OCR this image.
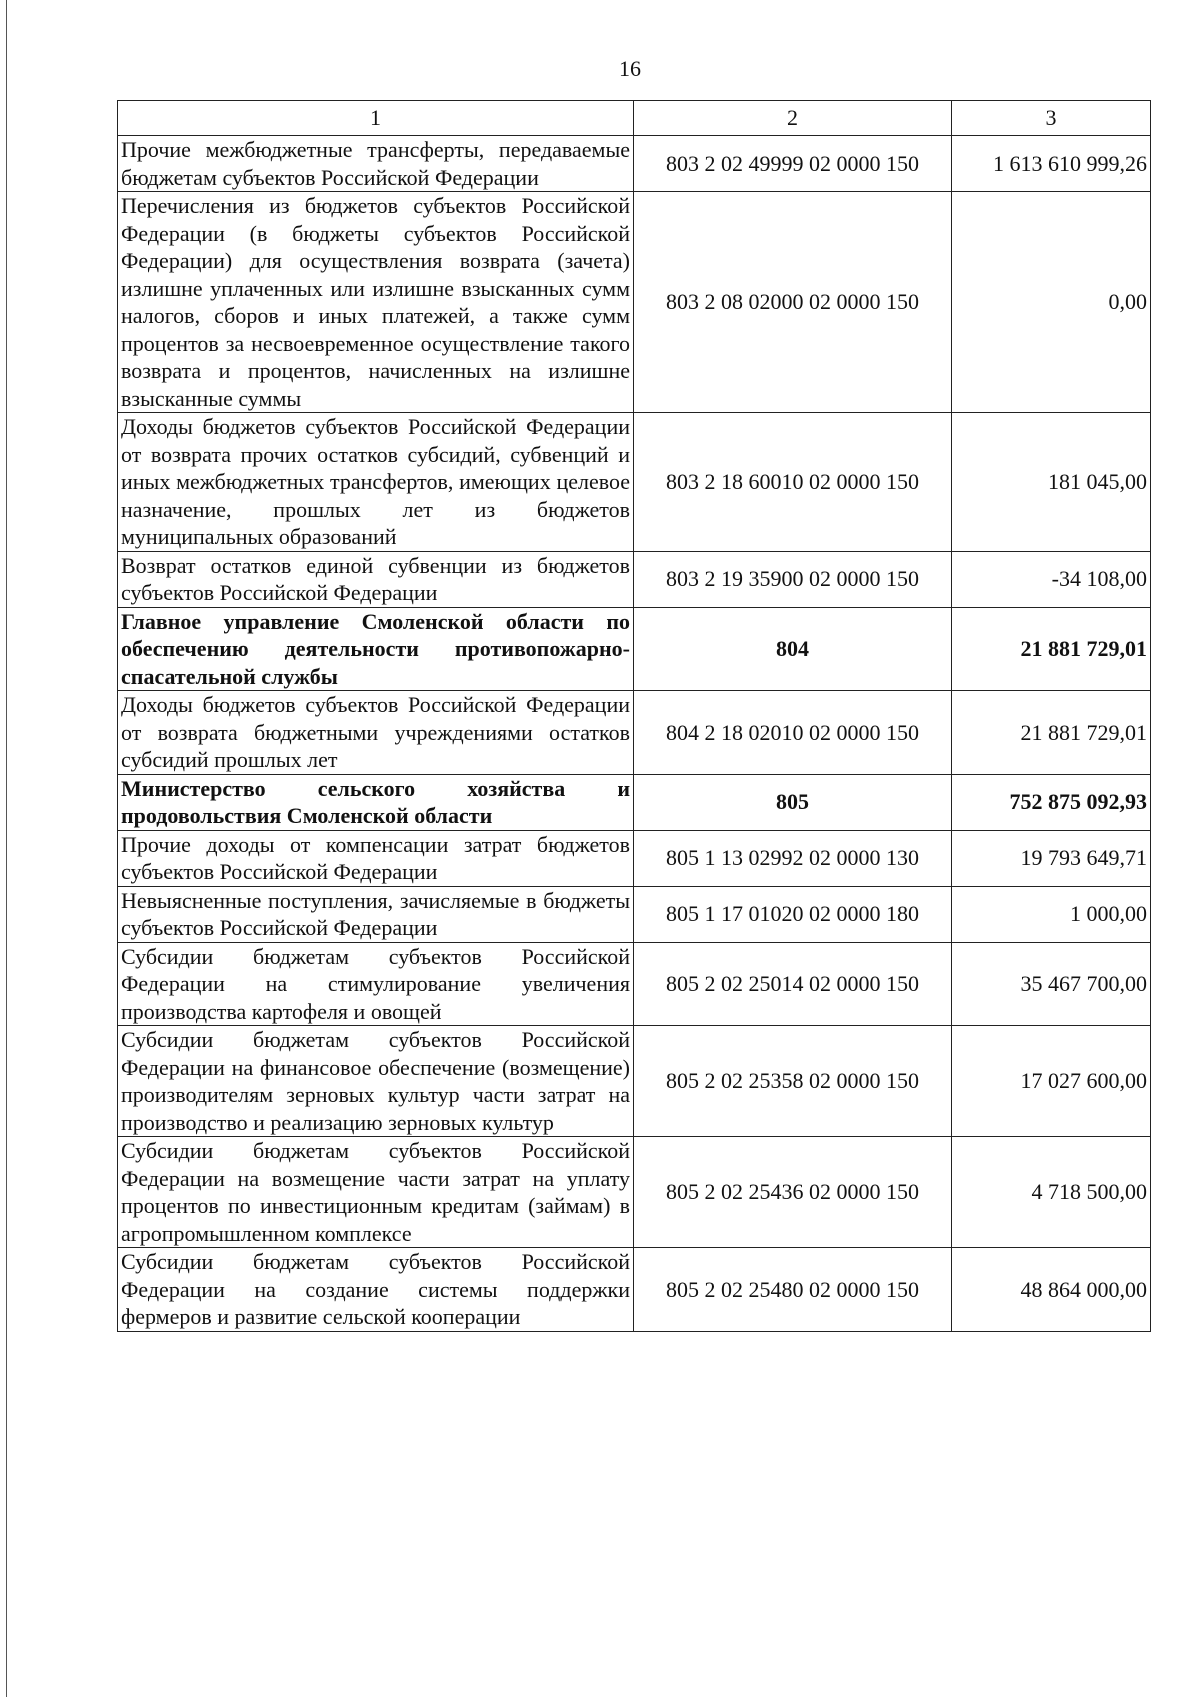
16
1	2	3
Прочие межбюджетные трансферты, передаваемые бюджетам субъектов Российской Федерации	803 2 02 49999 02 0000 150	1 613 610 999,26
Перечисления из бюджетов субъектов Российской Федерации (в бюджеты субъектов Российской Федерации) для осуществления возврата (зачета) излишне уплаченных или излишне взысканных сумм налогов, сборов и иных платежей, а также сумм процентов за несвоевременное осуществление такого возврата и процентов, начисленных на излишне взысканные суммы	803 2 08 02000 02 0000 150	0,00
Доходы бюджетов субъектов Российской Федерации от возврата прочих остатков субсидий, субвенций и иных межбюджетных трансфертов, имеющих целевое назначение, прошлых лет из бюджетов муниципальных образований	803 2 18 60010 02 0000 150	181 045,00
Возврат остатков единой субвенции из бюджетов субъектов Российской Федерации	803 2 19 35900 02 0000 150	-34 108,00
Главное управление Смоленской области по обеспечению деятельности противопожарно-спасательной службы	804	21 881 729,01
Доходы бюджетов субъектов Российской Федерации от возврата бюджетными учреждениями остатков субсидий прошлых лет	804 2 18 02010 02 0000 150	21 881 729,01
Министерство сельского хозяйства и продовольствия Смоленской области	805	752 875 092,93
Прочие доходы от компенсации затрат бюджетов субъектов Российской Федерации	805 1 13 02992 02 0000 130	19 793 649,71
Невыясненные поступления, зачисляемые в бюджеты субъектов Российской Федерации	805 1 17 01020 02 0000 180	1 000,00
Субсидии бюджетам субъектов Российской Федерации на стимулирование увеличения производства картофеля и овощей	805 2 02 25014 02 0000 150	35 467 700,00
Субсидии бюджетам субъектов Российской Федерации на финансовое обеспечение (возмещение) производителям зерновых культур части затрат на производство и реализацию зерновых культур	805 2 02 25358 02 0000 150	17 027 600,00
Субсидии бюджетам субъектов Российской Федерации на возмещение части затрат на уплату процентов по инвестиционным кредитам (займам) в агропромышленном комплексе	805 2 02 25436 02 0000 150	4 718 500,00
Субсидии бюджетам субъектов Российской Федерации на создание системы поддержки фермеров и развитие сельской кооперации	805 2 02 25480 02 0000 150	48 864 000,00
